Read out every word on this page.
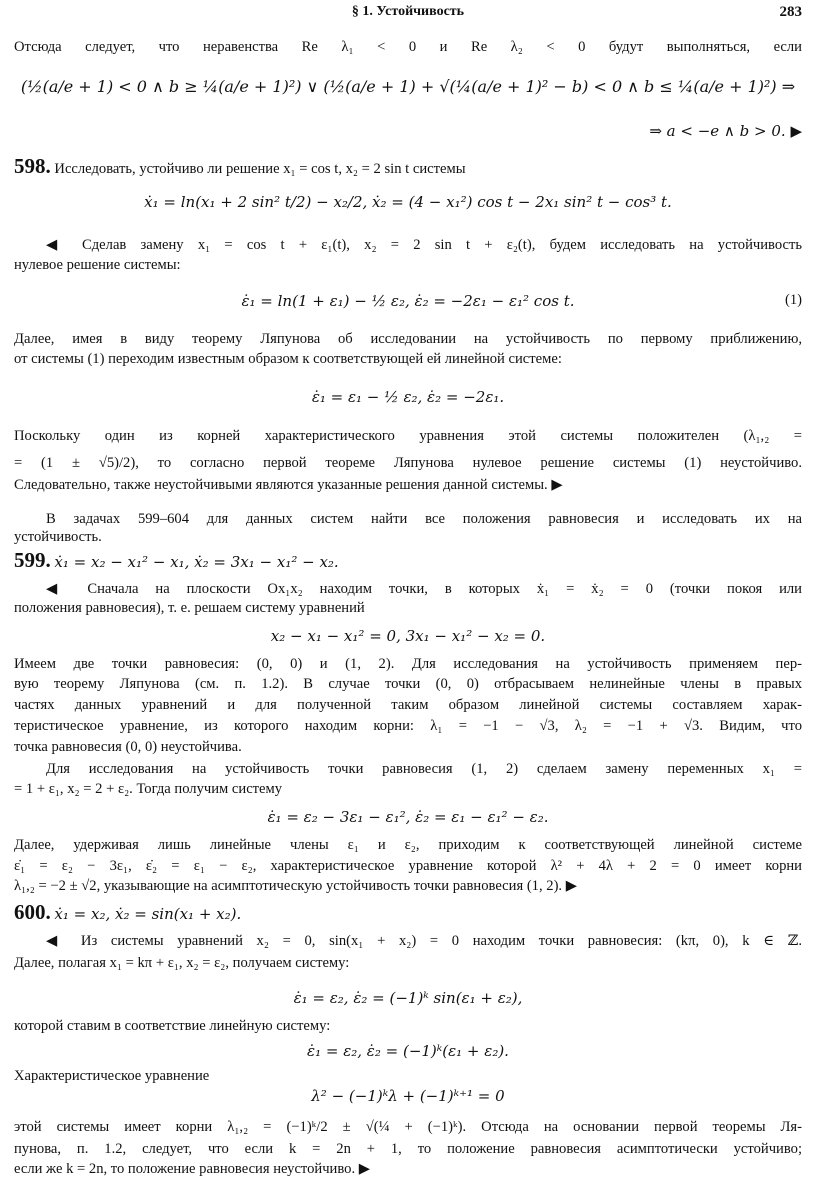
§ 1. Устойчивость	283
Отсюда следует, что неравенства Re λ₁ < 0 и Re λ₂ < 0 будут выполняться, если
(½(a/e + 1) < 0 ∧ b ≥ ¼(a/e + 1)²) ∨ (½(a/e + 1) + √(¼(a/e + 1)² − b) < 0 ∧ b ≤ ¼(a/e + 1)²) ⇒
⇒ a < −e ∧ b > 0. ▶
598. Исследовать, устойчиво ли решение x₁ = cos t, x₂ = 2 sin t системы
ẋ₁ = ln(x₁ + 2 sin² t/2) − x₂/2, ẋ₂ = (4 − x₁²) cos t − 2x₁ sin² t − cos³ t.
◀ Сделав замену x₁ = cos t + ε₁(t), x₂ = 2 sin t + ε₂(t), будем исследовать на устойчивость
нулевое решение системы:
ε̇₁ = ln(1 + ε₁) − ½ ε₂, ε̇₂ = −2ε₁ − ε₁² cos t.	(1)
Далее, имея в виду теорему Ляпунова об исследовании на устойчивость по первому приближению,
от системы (1) переходим известным образом к соответствующей ей линейной системе:
ε̇₁ = ε₁ − ½ ε₂, ε̇₂ = −2ε₁.
Поскольку один из корней характеристического уравнения этой системы положителен (λ₁,₂ =
= (1 ± √5)/2), то согласно первой теореме Ляпунова нулевое решение системы (1) неустойчиво.
Следовательно, также неустойчивыми являются указанные решения данной системы. ▶
В задачах 599–604 для данных систем найти все положения равновесия и исследовать их на
устойчивость.
599. ẋ₁ = x₂ − x₁² − x₁, ẋ₂ = 3x₁ − x₁² − x₂.
◀ Сначала на плоскости Ox₁x₂ находим точки, в которых ẋ₁ = ẋ₂ = 0 (точки покоя или
положения равновесия), т. е. решаем систему уравнений
x₂ − x₁ − x₁² = 0, 3x₁ − x₁² − x₂ = 0.
Имеем две точки равновесия: (0, 0) и (1, 2). Для исследования на устойчивость применяем пер-
вую теорему Ляпунова (см. п. 1.2). В случае точки (0, 0) отбрасываем нелинейные члены в правых
частях данных уравнений и для полученной таким образом линейной системы составляем харак-
теристическое уравнение, из которого находим корни: λ₁ = −1 − √3, λ₂ = −1 + √3. Видим, что
точка равновесия (0, 0) неустойчива.
Для исследования на устойчивость точки равновесия (1, 2) сделаем замену переменных x₁ =
= 1 + ε₁, x₂ = 2 + ε₂. Тогда получим систему
ε̇₁ = ε₂ − 3ε₁ − ε₁², ε̇₂ = ε₁ − ε₁² − ε₂.
Далее, удерживая лишь линейные члены ε₁ и ε₂, приходим к соответствующей линейной системе
ε̇₁ = ε₂ − 3ε₁, ε̇₂ = ε₁ − ε₂, характеристическое уравнение которой λ² + 4λ + 2 = 0 имеет корни
λ₁,₂ = −2 ± √2, указывающие на асимптотическую устойчивость точки равновесия (1, 2). ▶
600. ẋ₁ = x₂, ẋ₂ = sin(x₁ + x₂).
◀ Из системы уравнений x₂ = 0, sin(x₁ + x₂) = 0 находим точки равновесия: (kπ, 0), k ∈ ℤ.
Далее, полагая x₁ = kπ + ε₁, x₂ = ε₂, получаем систему:
ε̇₁ = ε₂, ε̇₂ = (−1)ᵏ sin(ε₁ + ε₂),
которой ставим в соответствие линейную систему:
ε̇₁ = ε₂, ε̇₂ = (−1)ᵏ(ε₁ + ε₂).
Характеристическое уравнение
λ² − (−1)ᵏλ + (−1)ᵏ⁺¹ = 0
этой системы имеет корни λ₁,₂ = (−1)ᵏ/2 ± √(¼ + (−1)ᵏ). Отсюда на основании первой теоремы Ля-
пунова, п. 1.2, следует, что если k = 2n + 1, то положение равновесия асимптотически устойчиво;
если же k = 2n, то положение равновесия неустойчиво. ▶
